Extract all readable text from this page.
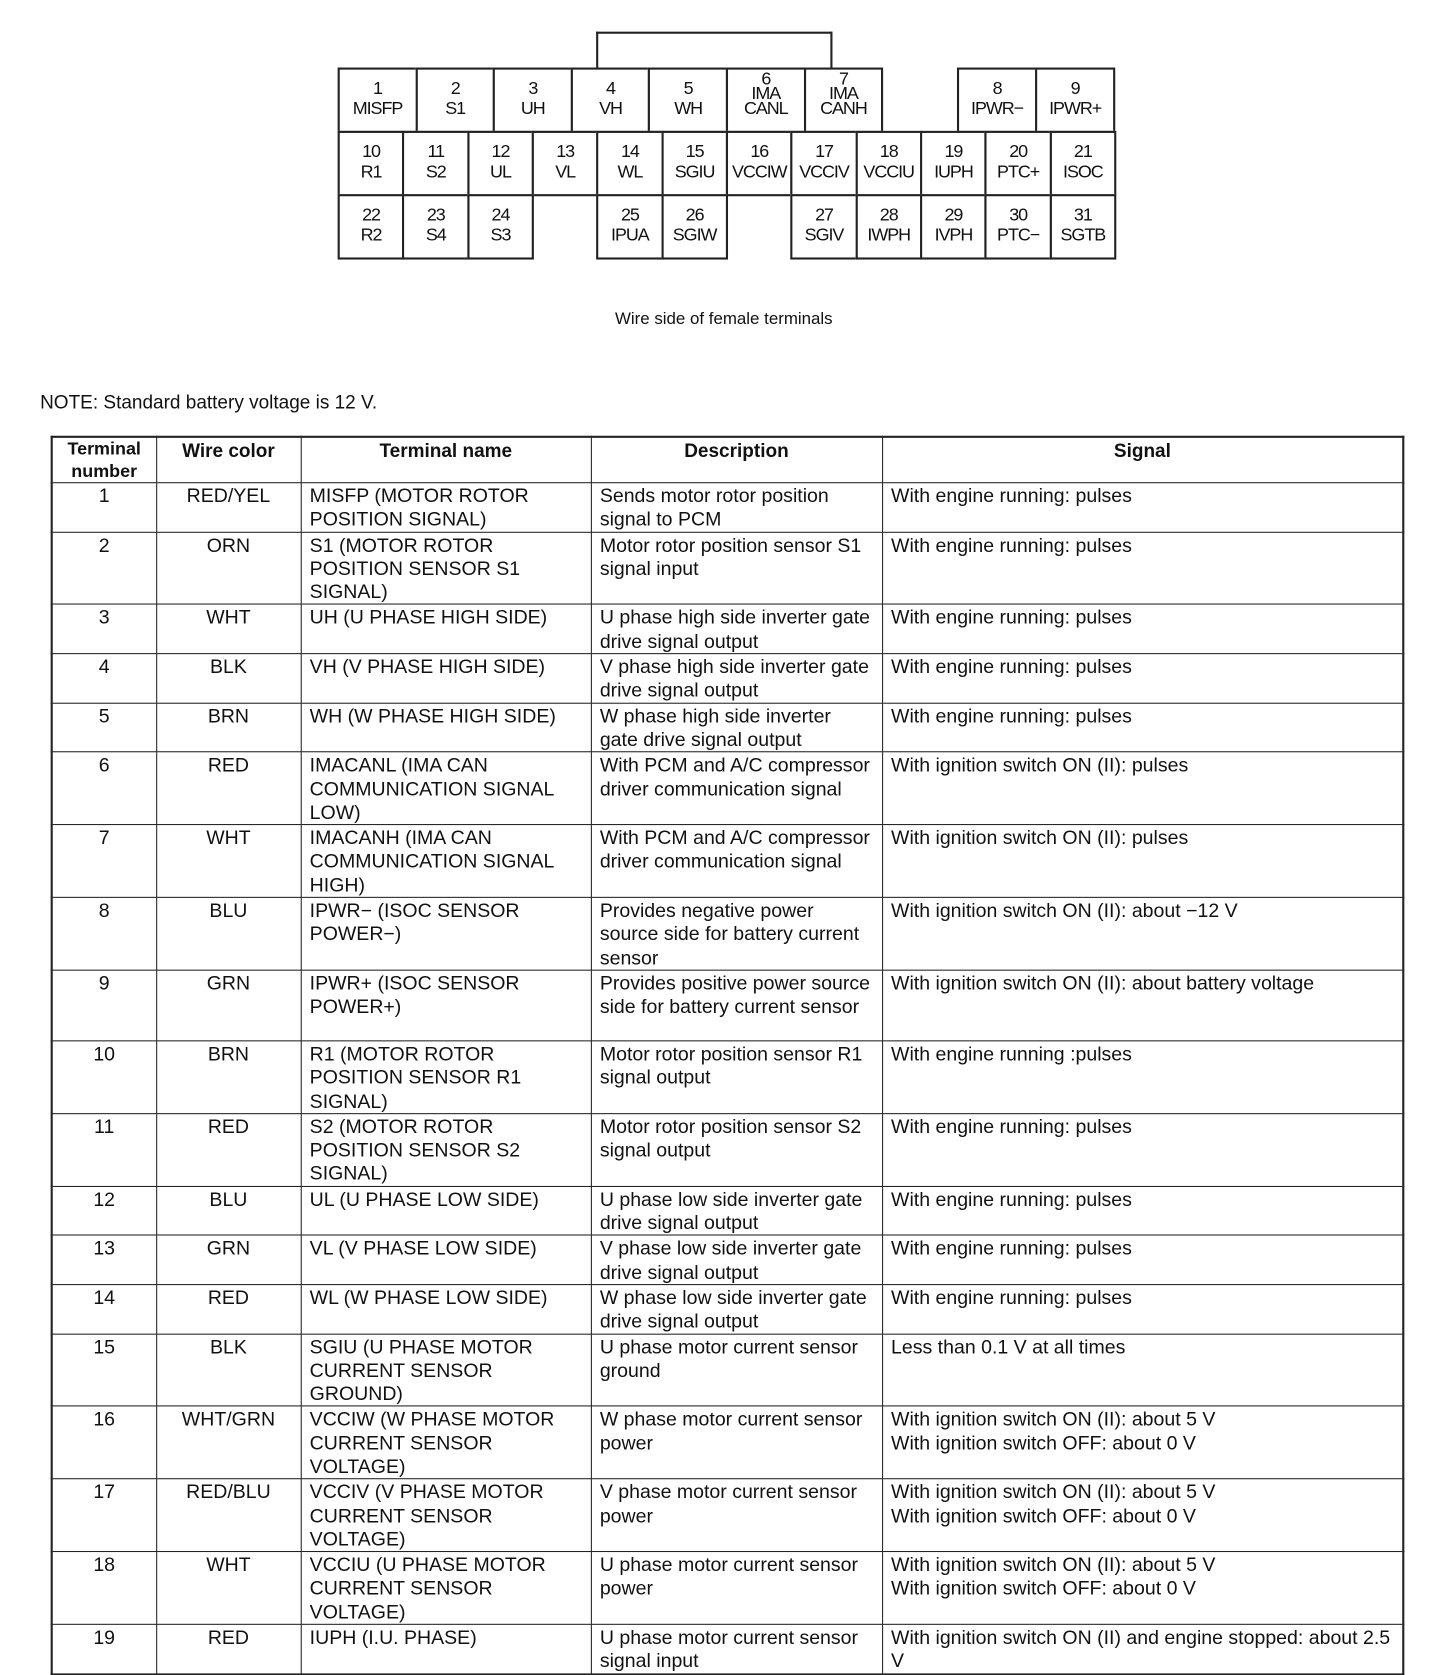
1
MISFP
2
S1
3
UH
4
VH
5
WH
6
IMA
CANL
7
IMA
CANH
8
IPWR−
9
IPWR+
10
R1
11
S2
12
UL
13
VL
14
WL
15
SGIU
16
VCCIW
17
VCCIV
18
VCCIU
19
IUPH
20
PTC+
21
ISOC
22
R2
23
S4
24
S3
25
IPUA
26
SGIW
27
SGIV
28
IWPH
29
IVPH
30
PTC−
31
SGTB
Wire side of female terminals
NOTE: Standard battery voltage is 12 V.
Terminal number	Wire color	Terminal name	Description	Signal
1	RED/YEL	MISFP (MOTOR ROTOR POSITION SIGNAL)	Sends motor rotor position signal to PCM	With engine running: pulses
2	ORN	S1 (MOTOR ROTOR POSITION SENSOR S1 SIGNAL)	Motor rotor position sensor S1 signal input	With engine running: pulses
3	WHT	UH (U PHASE HIGH SIDE)	U phase high side inverter gate drive signal output	With engine running: pulses
4	BLK	VH (V PHASE HIGH SIDE)	V phase high side inverter gate drive signal output	With engine running: pulses
5	BRN	WH (W PHASE HIGH SIDE)	W phase high side inverter gate drive signal output	With engine running: pulses
6	RED	IMACANL (IMA CAN COMMUNICATION SIGNAL LOW)	With PCM and A/C compressor driver communication signal	With ignition switch ON (II): pulses
7	WHT	IMACANH (IMA CAN COMMUNICATION SIGNAL HIGH)	With PCM and A/C compressor driver communication signal	With ignition switch ON (II): pulses
8	BLU	IPWR− (ISOC SENSOR POWER−)	Provides negative power source side for battery current sensor	With ignition switch ON (II): about −12 V
9	GRN	IPWR+ (ISOC SENSOR POWER+)	Provides positive power source side for battery current sensor	With ignition switch ON (II): about battery voltage
10	BRN	R1 (MOTOR ROTOR POSITION SENSOR R1 SIGNAL)	Motor rotor position sensor R1 signal output	With engine running :pulses
11	RED	S2 (MOTOR ROTOR POSITION SENSOR S2 SIGNAL)	Motor rotor position sensor S2 signal output	With engine running: pulses
12	BLU	UL (U PHASE LOW SIDE)	U phase low side inverter gate drive signal output	With engine running: pulses
13	GRN	VL (V PHASE LOW SIDE)	V phase low side inverter gate drive signal output	With engine running: pulses
14	RED	WL (W PHASE LOW SIDE)	W phase low side inverter gate drive signal output	With engine running: pulses
15	BLK	SGIU (U PHASE MOTOR CURRENT SENSOR GROUND)	U phase motor current sensor ground	Less than 0.1 V at all times
16	WHT/GRN	VCCIW (W PHASE MOTOR CURRENT SENSOR VOLTAGE)	W phase motor current sensor power	With ignition switch ON (II): about 5 V
With ignition switch OFF: about 0 V
17	RED/BLU	VCCIV (V PHASE MOTOR CURRENT SENSOR VOLTAGE)	V phase motor current sensor power	With ignition switch ON (II): about 5 V
With ignition switch OFF: about 0 V
18	WHT	VCCIU (U PHASE MOTOR CURRENT SENSOR VOLTAGE)	U phase motor current sensor power	With ignition switch ON (II): about 5 V
With ignition switch OFF: about 0 V
19	RED	IUPH (I.U. PHASE)	U phase motor current sensor signal input	With ignition switch ON (II) and engine stopped: about 2.5 V
